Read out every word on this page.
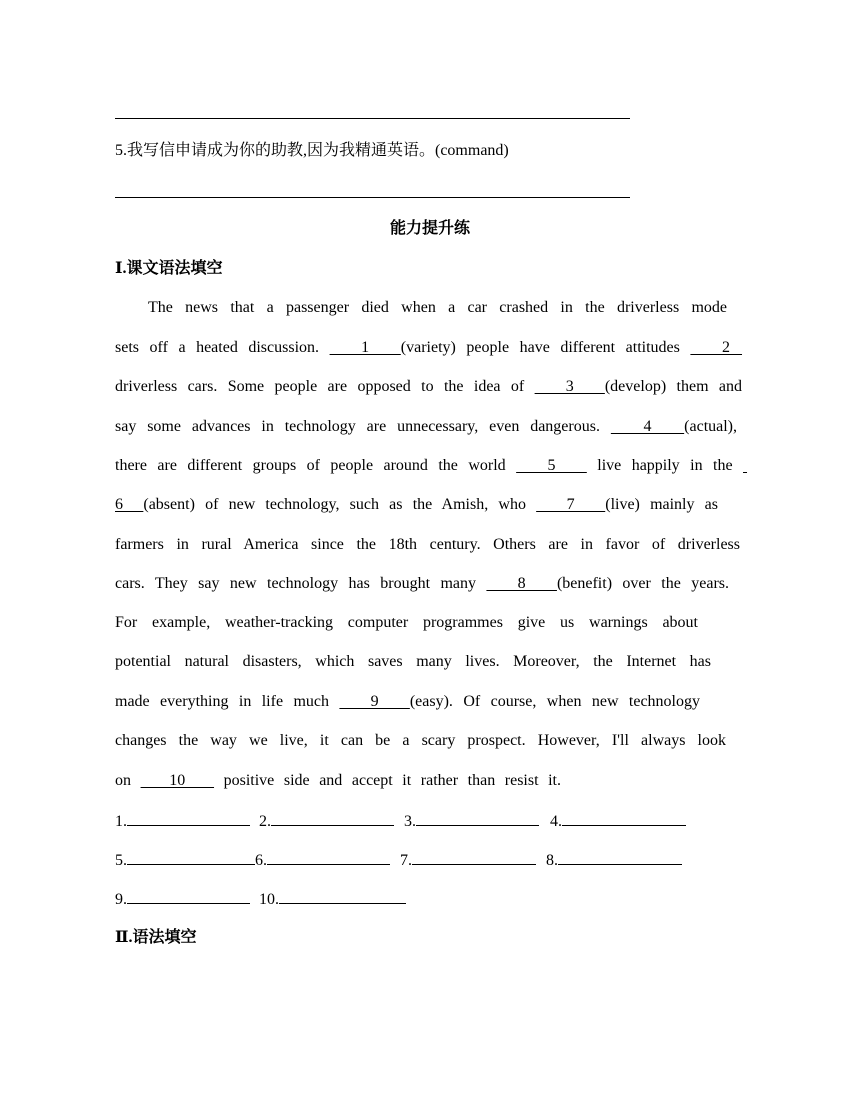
5.我写信申请成为你的助教,因为我精通英语。(command)
能力提升练
Ⅰ.课文语法填空
The news that a passenger died when a car crashed in the driverless mode
sets off a heated discussion.    1   (variety) people have different attitudes    2
driverless cars. Some people are opposed to the idea of    3   (develop) them and
say some advances in technology are unnecessary, even dangerous.    4   (actual),
there are different groups of people around the world    5    live happily in the
6  (absent) of new technology, such as the Amish, who    7   (live) mainly as
farmers in rural America since the 18th century. Others are in favor of driverless
cars. They say new technology has brought many    8   (benefit) over the years.
For example, weather-tracking computer programmes give us warnings about
potential natural disasters, which saves many lives. Moreover, the Internet has
made everything in life much    9   (easy). Of course, when new technology
changes the way we live, it can be a scary prospect. However, I'll always look
on    10    positive side and accept it rather than resist it.
1.	2.	3.	4.
5.	6.	7.	8.
9.	10.
Ⅱ.语法填空
